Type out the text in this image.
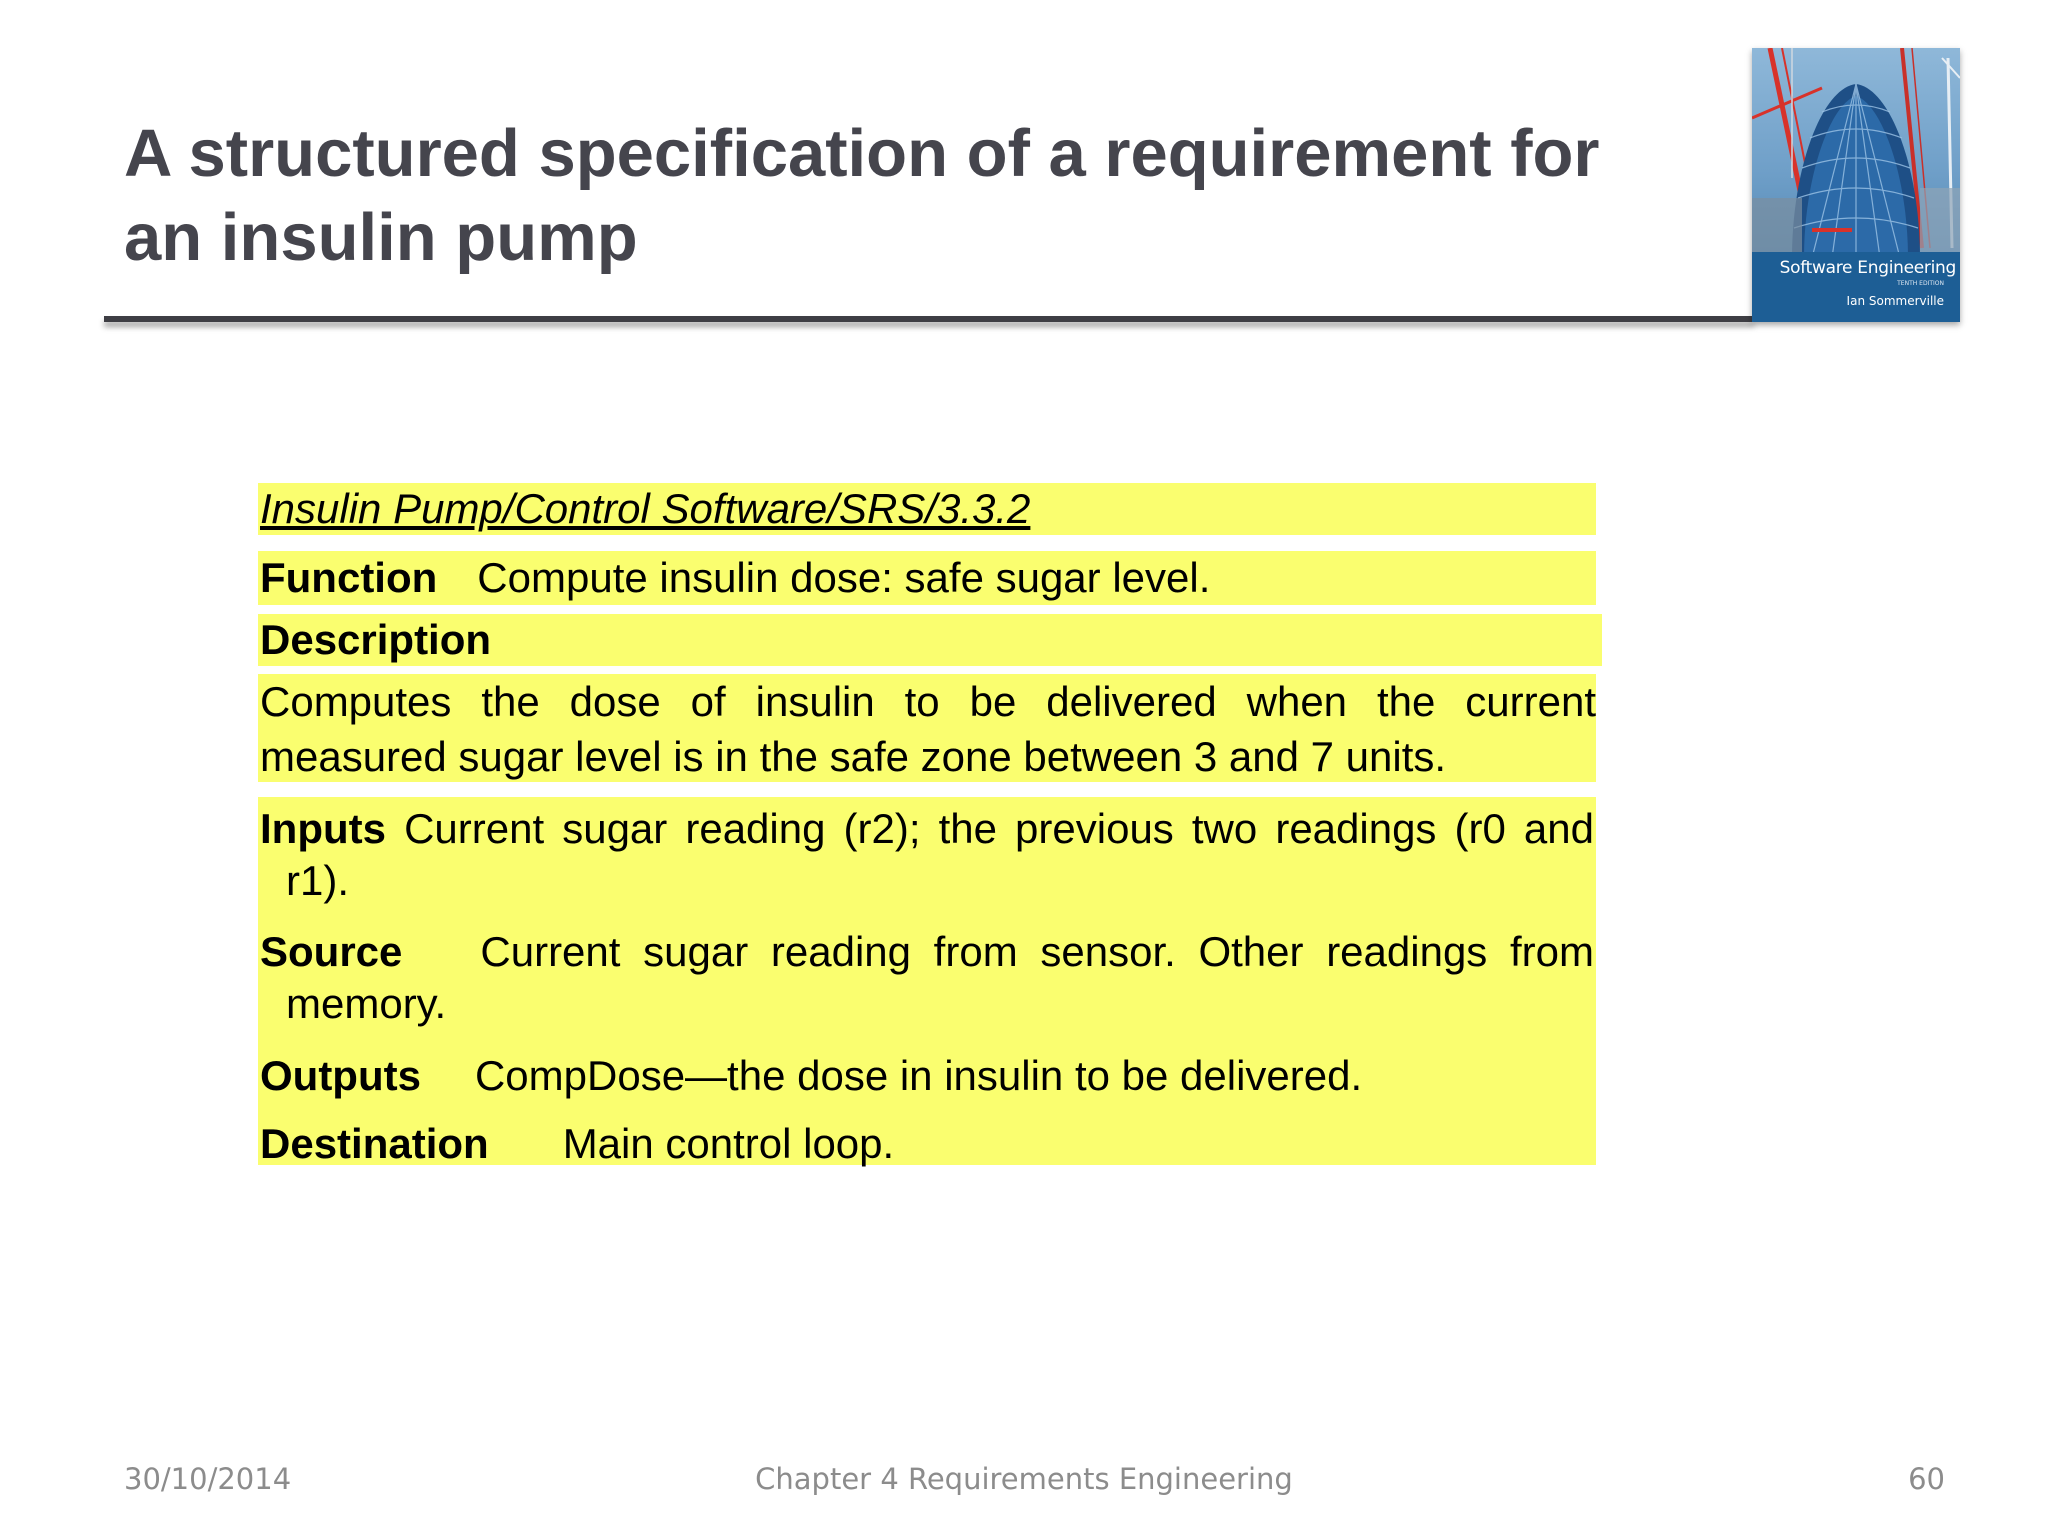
A structured specification of a requirement for
an insulin pump	Software Engineering
TENTH EDITION
Ian Sommerville
Insulin Pump/Control Software/SRS/3.3.2
Function Compute insulin dose: safe sugar level.
Description
Computes the dose of insulin to be delivered when the current measured sugar level is in the safe zone between 3 and 7 units.
Inputs Current sugar reading (r2); the previous two readings (r0 and r1).
Source Current sugar reading from sensor. Other readings from memory.
Outputs CompDose—the dose in insulin to be delivered.
Destination Main control loop.
30/10/2014	Chapter 4 Requirements Engineering	60
